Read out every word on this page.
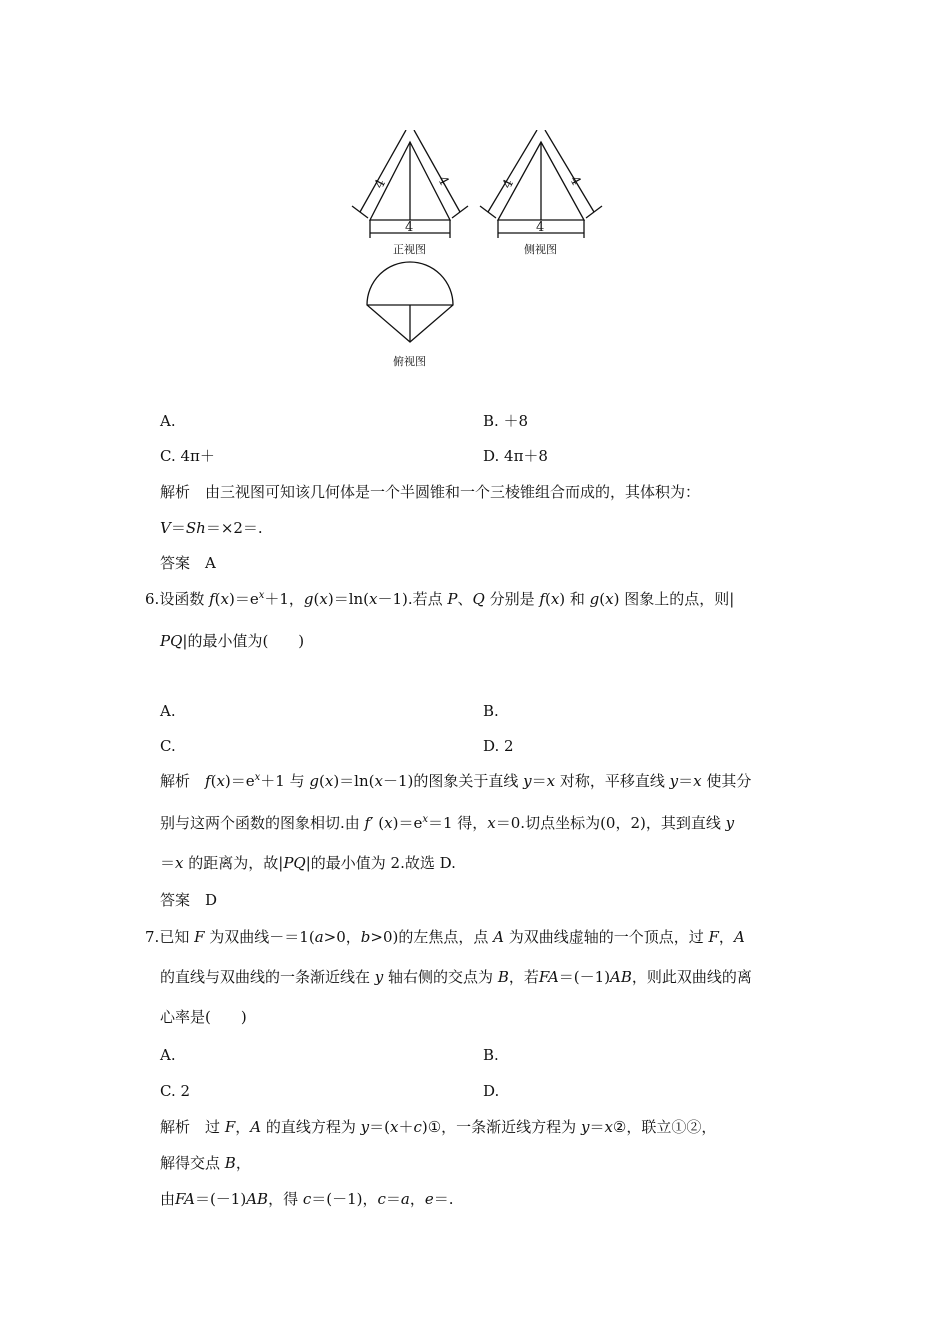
4	4
4
4	4
4
正视图	侧视图
俯视图
A.	B. ＋8
C. 4π＋	D. 4π＋8
解析　 由三视图可知该几何体是一个半圆锥和一个三棱锥组合而成的，其体积为：
V＝Sh＝×2＝.
答案　 A
6.设函数 $f(x)=e^x+1$，g(x)＝ln(x－1).若点 P、Q 分别是 f(x) 和 g(x) 图象上的点，则|
PQ|的最小值为(　　)
A.	B.
C.	D. 2
解析　 $f(x)=e^x+1$ 与 g(x)＝ln(x－1)的图象关于直线 y＝x 对称，平移直线 y＝x 使其分
别与这两个函数的图象相切.由 f′ $(x)=e^x=1$ 得，x＝0.切点坐标为(0，2)，其到直线 y
＝x 的距离为，故|PQ|的最小值为 2.故选 D.
答案　 D
7.已知 F 为双曲线－＝1(a>0，b>0)的左焦点，点 A 为双曲线虚轴的一个顶点，过 F，A
的直线与双曲线的一条渐近线在 y 轴右侧的交点为 B，若FA＝(－1)AB，则此双曲线的离
心率是(　　)
A.	B.
C. 2	D.
解析　 过 F，A 的直线方程为 y＝(x＋c)①，一条渐近线方程为 y＝x②，联立①②，
解得交点 B，
由FA＝(－1)AB，得 c＝(－1)，c＝a，e＝.
